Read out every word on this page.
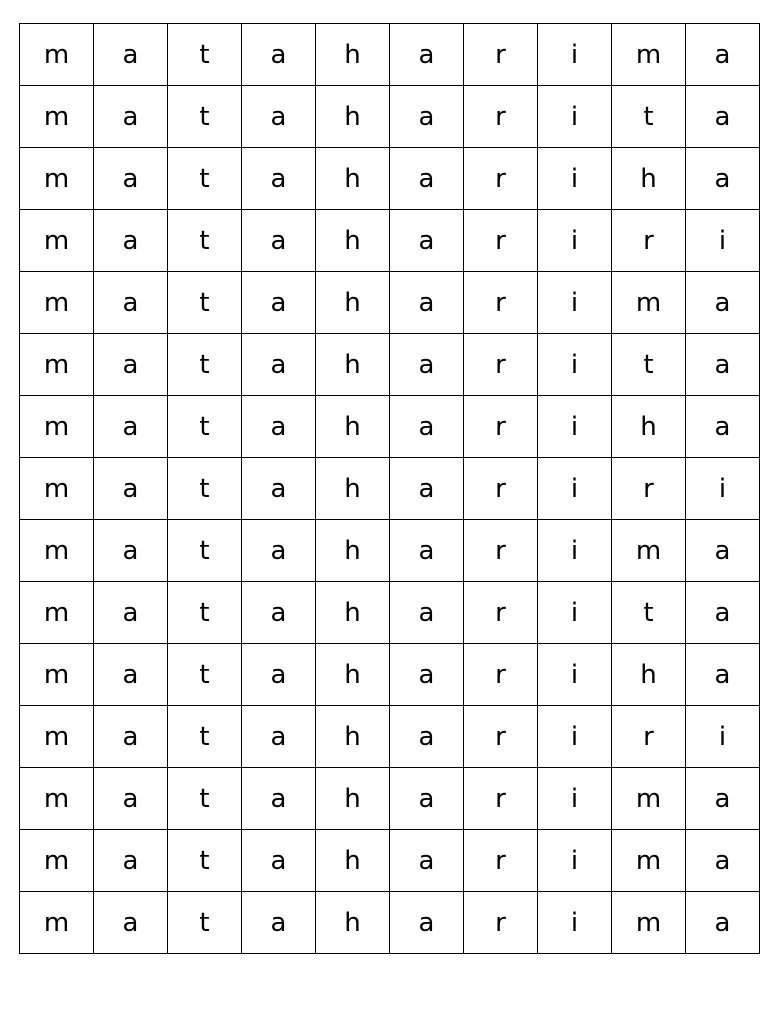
m	a	t	a	h	a	r	i	m	a
m	a	t	a	h	a	r	i	t	a
m	a	t	a	h	a	r	i	h	a
m	a	t	a	h	a	r	i	r	i
m	a	t	a	h	a	r	i	m	a
m	a	t	a	h	a	r	i	t	a
m	a	t	a	h	a	r	i	h	a
m	a	t	a	h	a	r	i	r	i
m	a	t	a	h	a	r	i	m	a
m	a	t	a	h	a	r	i	t	a
m	a	t	a	h	a	r	i	h	a
m	a	t	a	h	a	r	i	r	i
m	a	t	a	h	a	r	i	m	a
m	a	t	a	h	a	r	i	m	a
m	a	t	a	h	a	r	i	m	a
